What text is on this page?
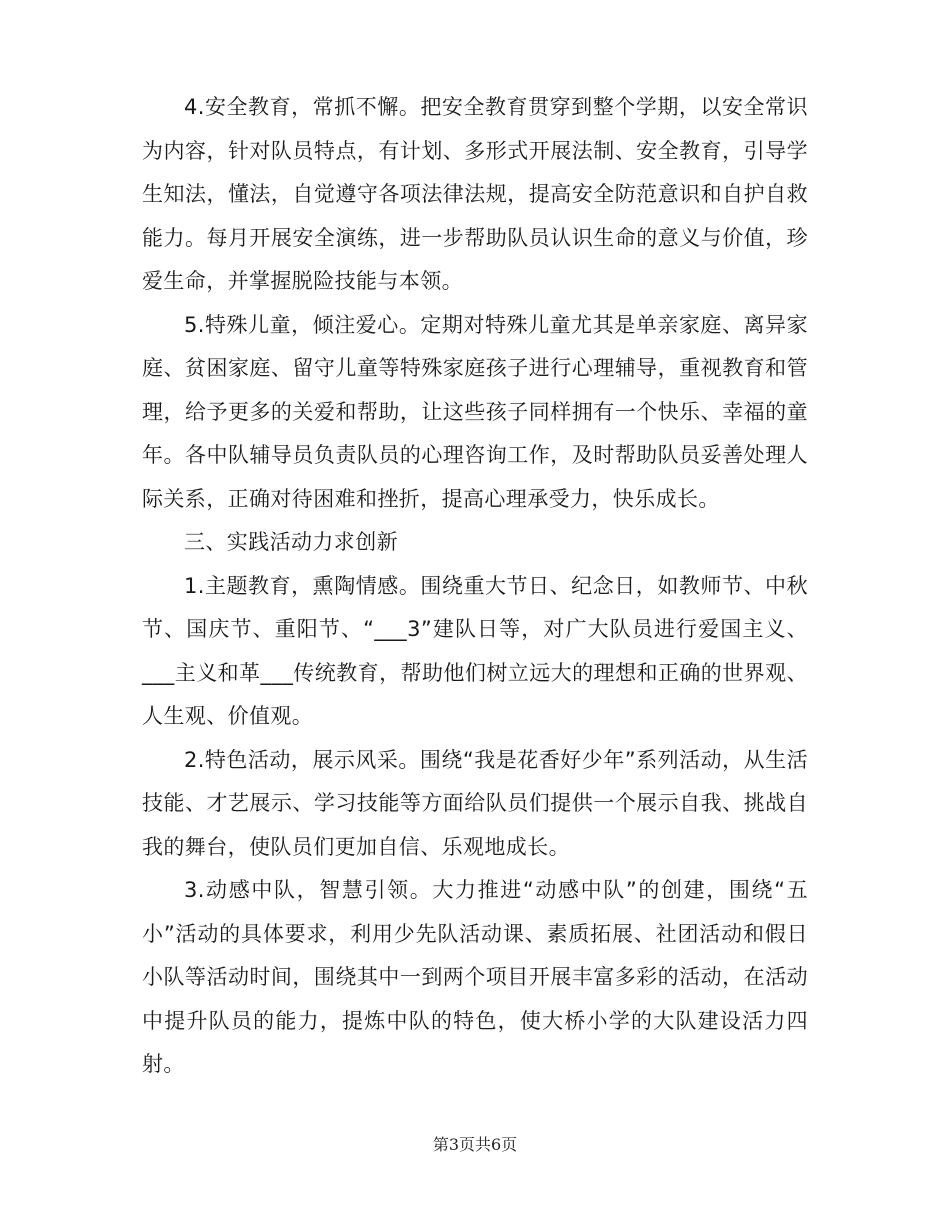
4.安全教育，常抓不懈。把安全教育贯穿到整个学期，以安全常识为内容，针对队员特点，有计划、多形式开展法制、安全教育，引导学生知法，懂法，自觉遵守各项法律法规，提高安全防范意识和自护自救能力。每月开展安全演练，进一步帮助队员认识生命的意义与价值，珍爱生命，并掌握脱险技能与本领。

5.特殊儿童，倾注爱心。定期对特殊儿童尤其是单亲家庭、离异家庭、贫困家庭、留守儿童等特殊家庭孩子进行心理辅导，重视教育和管理，给予更多的关爱和帮助，让这些孩子同样拥有一个快乐、幸福的童年。各中队辅导员负责队员的心理咨询工作，及时帮助队员妥善处理人际关系，正确对待困难和挫折，提高心理承受力，快乐成长。

三、实践活动力求创新

1.主题教育，熏陶情感。围绕重大节日、纪念日，如教师节、中秋节、国庆节、重阳节、“___3”建队日等，对广大队员进行爱国主义、___主义和革___传统教育，帮助他们树立远大的理想和正确的世界观、人生观、价值观。

2.特色活动，展示风采。围绕“我是花香好少年”系列活动，从生活技能、才艺展示、学习技能等方面给队员们提供一个展示自我、挑战自我的舞台，使队员们更加自信、乐观地成长。

3.动感中队，智慧引领。大力推进“动感中队”的创建，围绕“五小”活动的具体要求，利用少先队活动课、素质拓展、社团活动和假日小队等活动时间，围绕其中一到两个项目开展丰富多彩的活动，在活动中提升队员的能力，提炼中队的特色，使大桥小学的大队建设活力四射。

第3页共6页
